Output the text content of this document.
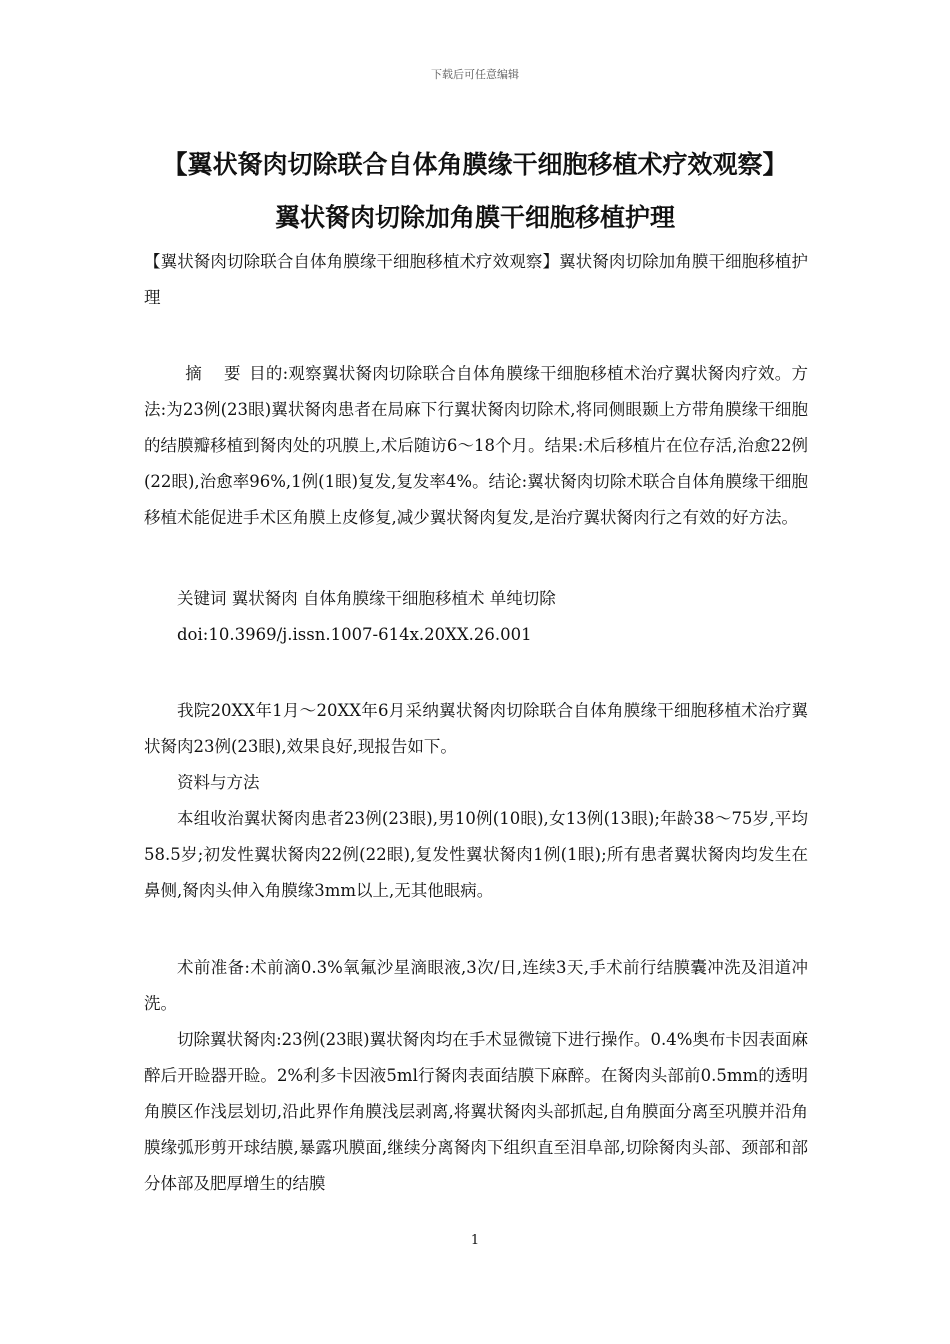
下载后可任意编辑
【翼状胬肉切除联合自体角膜缘干细胞移植术疗效观察】
翼状胬肉切除加角膜干细胞移植护理

【翼状胬肉切除联合自体角膜缘干细胞移植术疗效观察】翼状胬肉切除加角膜干细胞移植护理

摘 要目的:观察翼状胬肉切除联合自体角膜缘干细胞移植术治疗翼状胬肉疗效。方法:为23例(23眼)翼状胬肉患者在局麻下行翼状胬肉切除术,将同侧眼颞上方带角膜缘干细胞的结膜瓣移植到胬肉处的巩膜上,术后随访6～18个月。结果:术后移植片在位存活,治愈22例(22眼),治愈率96%,1例(1眼)复发,复发率4%。结论:翼状胬肉切除术联合自体角膜缘干细胞移植术能促进手术区角膜上皮修复,减少翼状胬肉复发,是治疗翼状胬肉行之有效的好方法。

关键词 翼状胬肉 自体角膜缘干细胞移植术 单纯切除

doi:10.3969/j.issn.1007-614x.20XX.26.001

我院20XX年1月～20XX年6月采纳翼状胬肉切除联合自体角膜缘干细胞移植术治疗翼状胬肉23例(23眼),效果良好,现报告如下。

资料与方法

本组收治翼状胬肉患者23例(23眼),男10例(10眼),女13例(13眼);年龄38～75岁,平均58.5岁;初发性翼状胬肉22例(22眼),复发性翼状胬肉1例(1眼);所有患者翼状胬肉均发生在鼻侧,胬肉头伸入角膜缘3mm以上,无其他眼病。

术前准备:术前滴0.3%氧氟沙星滴眼液,3次/日,连续3天,手术前行结膜囊冲洗及泪道冲洗。

切除翼状胬肉:23例(23眼)翼状胬肉均在手术显微镜下进行操作。0.4%奥布卡因表面麻醉后开睑器开睑。2%利多卡因液5ml行胬肉表面结膜下麻醉。在胬肉头部前0.5mm的透明角膜区作浅层划切,沿此界作角膜浅层剥离,将翼状胬肉头部抓起,自角膜面分离至巩膜并沿角膜缘弧形剪开球结膜,暴露巩膜面,继续分离胬肉下组织直至泪阜部,切除胬肉头部、颈部和部分体部及肥厚增生的结膜

1
